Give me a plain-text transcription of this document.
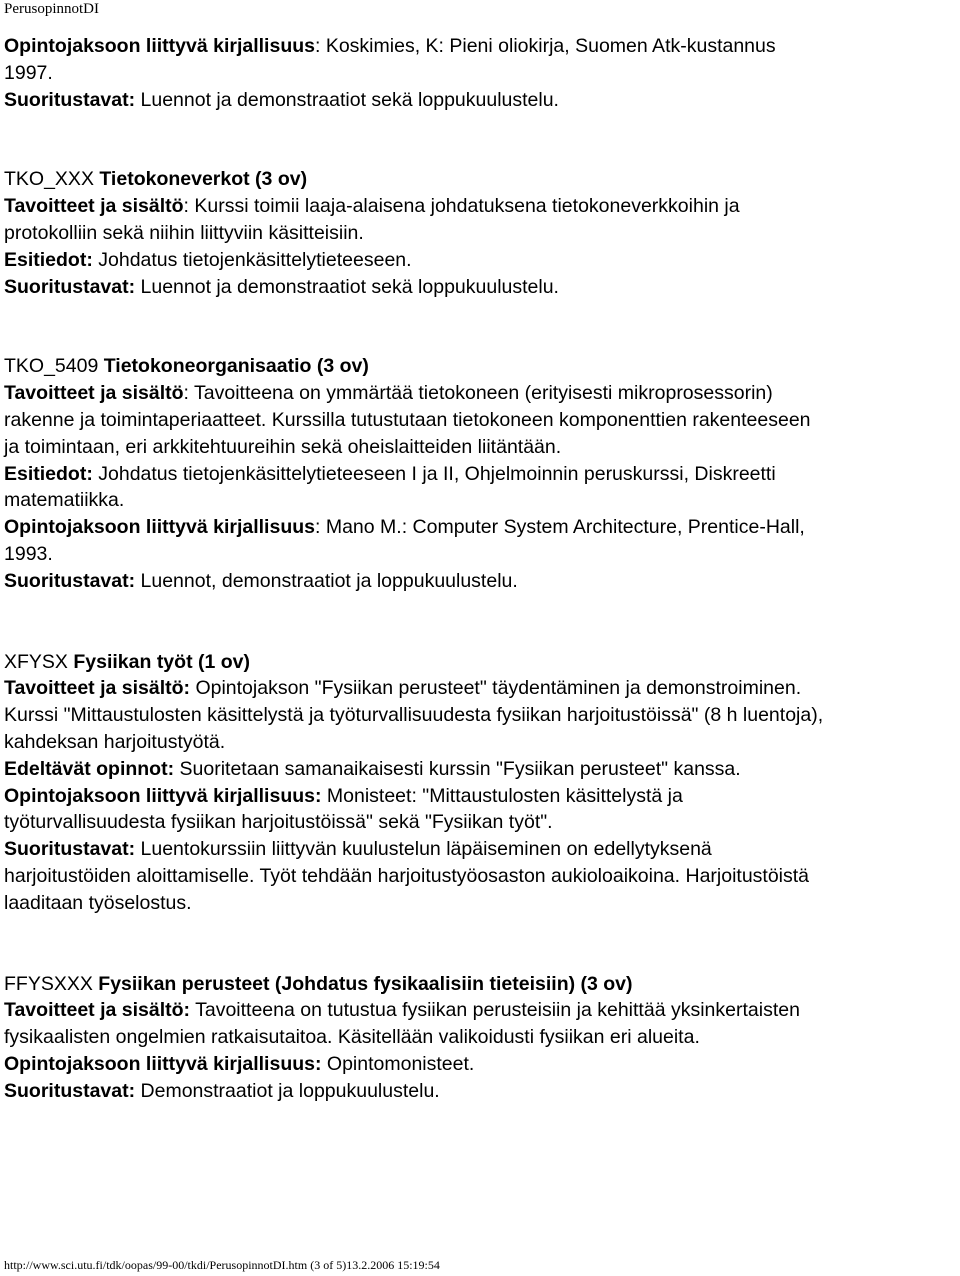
PerusopinnotDI
Opintojaksoon liittyvä kirjallisuus: Koskimies, K: Pieni oliokirja, Suomen Atk-kustannus
1997.
Suoritustavat: Luennot ja demonstraatiot sekä loppukuulustelu.
TKO_XXX Tietokoneverkot (3 ov)
Tavoitteet ja sisältö: Kurssi toimii laaja-alaisena johdatuksena tietokoneverkkoihin ja
protokolliin sekä niihin liittyviin käsitteisiin.
Esitiedot: Johdatus tietojenkäsittelytieteeseen.
Suoritustavat: Luennot ja demonstraatiot sekä loppukuulustelu.
TKO_5409 Tietokoneorganisaatio (3 ov)
Tavoitteet ja sisältö: Tavoitteena on ymmärtää tietokoneen (erityisesti mikroprosessorin)
rakenne ja toimintaperiaatteet. Kurssilla tutustutaan tietokoneen komponenttien rakenteeseen
ja toimintaan, eri arkkitehtuureihin sekä oheislaitteiden liitäntään.
Esitiedot: Johdatus tietojenkäsittelytieteeseen I ja II, Ohjelmoinnin peruskurssi, Diskreetti
matematiikka.
Opintojaksoon liittyvä kirjallisuus: Mano M.: Computer System Architecture, Prentice-Hall,
1993.
Suoritustavat: Luennot, demonstraatiot ja loppukuulustelu.
XFYSX Fysiikan työt (1 ov)
Tavoitteet ja sisältö: Opintojakson "Fysiikan perusteet" täydentäminen ja demonstroiminen.
Kurssi "Mittaustulosten käsittelystä ja työturvallisuudesta fysiikan harjoitustöissä" (8 h luentoja),
kahdeksan harjoitustyötä.
Edeltävät opinnot: Suoritetaan samanaikaisesti kurssin "Fysiikan perusteet" kanssa.
Opintojaksoon liittyvä kirjallisuus: Monisteet: "Mittaustulosten käsittelystä ja
työturvallisuudesta fysiikan harjoitustöissä" sekä "Fysiikan työt".
Suoritustavat: Luentokurssiin liittyvän kuulustelun läpäiseminen on edellytyksenä
harjoitustöiden aloittamiselle. Työt tehdään harjoitustyöosaston aukioloaikoina. Harjoitustöistä
laaditaan työselostus.
FFYSXXX Fysiikan perusteet (Johdatus fysikaalisiin tieteisiin) (3 ov)
Tavoitteet ja sisältö: Tavoitteena on tutustua fysiikan perusteisiin ja kehittää yksinkertaisten
fysikaalisten ongelmien ratkaisutaitoa. Käsitellään valikoidusti fysiikan eri alueita.
Opintojaksoon liittyvä kirjallisuus: Opintomonisteet.
Suoritustavat: Demonstraatiot ja loppukuulustelu.
http://www.sci.utu.fi/tdk/oopas/99-00/tkdi/PerusopinnotDI.htm (3 of 5)13.2.2006 15:19:54
